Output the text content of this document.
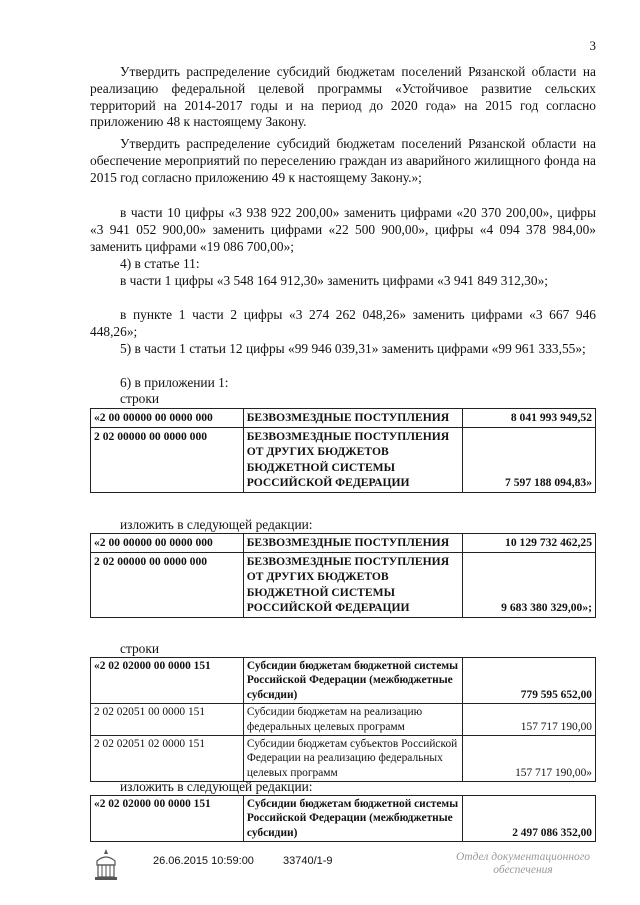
3

Утвердить распределение субсидий бюджетам поселений Рязанской области на реализацию федеральной целевой программы «Устойчивое развитие сельских территорий на 2014-2017 годы и на период до 2020 года» на 2015 год согласно приложению 48 к настоящему Закону.

Утвердить распределение субсидий бюджетам поселений Рязанской области на обеспечение мероприятий по переселению граждан из аварийного жилищного фонда на 2015 год согласно приложению 49 к настоящему Закону.»;

в части 10 цифры «3 938 922 200,00» заменить цифрами «20 370 200,00», цифры «3 941 052 900,00» заменить цифрами «22 500 900,00», цифры «4 094 378 984,00» заменить цифрами «19 086 700,00»;

4) в статье 11:

в части 1 цифры «3 548 164 912,30» заменить цифрами «3 941 849 312,30»;

в пункте 1 части 2 цифры «3 274 262 048,26» заменить цифрами «3 667 946 448,26»;

5) в части 1 статьи 12 цифры «99 946 039,31» заменить цифрами «99 961 333,55»;

6) в приложении 1:

строки
«2 00 00000 00 0000 000	БЕЗВОЗМЕЗДНЫЕ ПОСТУПЛЕНИЯ	8 041 993 949,52
2 02 00000 00 0000 000	БЕЗВОЗМЕЗДНЫЕ ПОСТУПЛЕНИЯ ОТ ДРУГИХ БЮДЖЕТОВ БЮДЖЕТНОЙ СИСТЕМЫ РОССИЙСКОЙ ФЕДЕРАЦИИ	7 597 188 094,83»
изложить в следующей редакции:
«2 00 00000 00 0000 000	БЕЗВОЗМЕЗДНЫЕ ПОСТУПЛЕНИЯ	10 129 732 462,25
2 02 00000 00 0000 000	БЕЗВОЗМЕЗДНЫЕ ПОСТУПЛЕНИЯ ОТ ДРУГИХ БЮДЖЕТОВ БЮДЖЕТНОЙ СИСТЕМЫ РОССИЙСКОЙ ФЕДЕРАЦИИ	9 683 380 329,00»;
строки
«2 02 02000 00 0000 151	Субсидии бюджетам бюджетной системы Российской Федерации (межбюджетные субсидии)	779 595 652,00
2 02 02051 00 0000 151	Субсидии бюджетам на реализацию федеральных целевых программ	157 717 190,00
2 02 02051 02 0000 151	Субсидии бюджетам субъектов Российской Федерации на реализацию федеральных целевых программ	157 717 190,00»
изложить в следующей редакции:
«2 02 02000 00 0000 151	Субсидии бюджетам бюджетной системы Российской Федерации (межбюджетные субсидии)	2 497 086 352,00
26.06.2015 10:59:00	33740/1-9	Отдел документационного обеспечения
